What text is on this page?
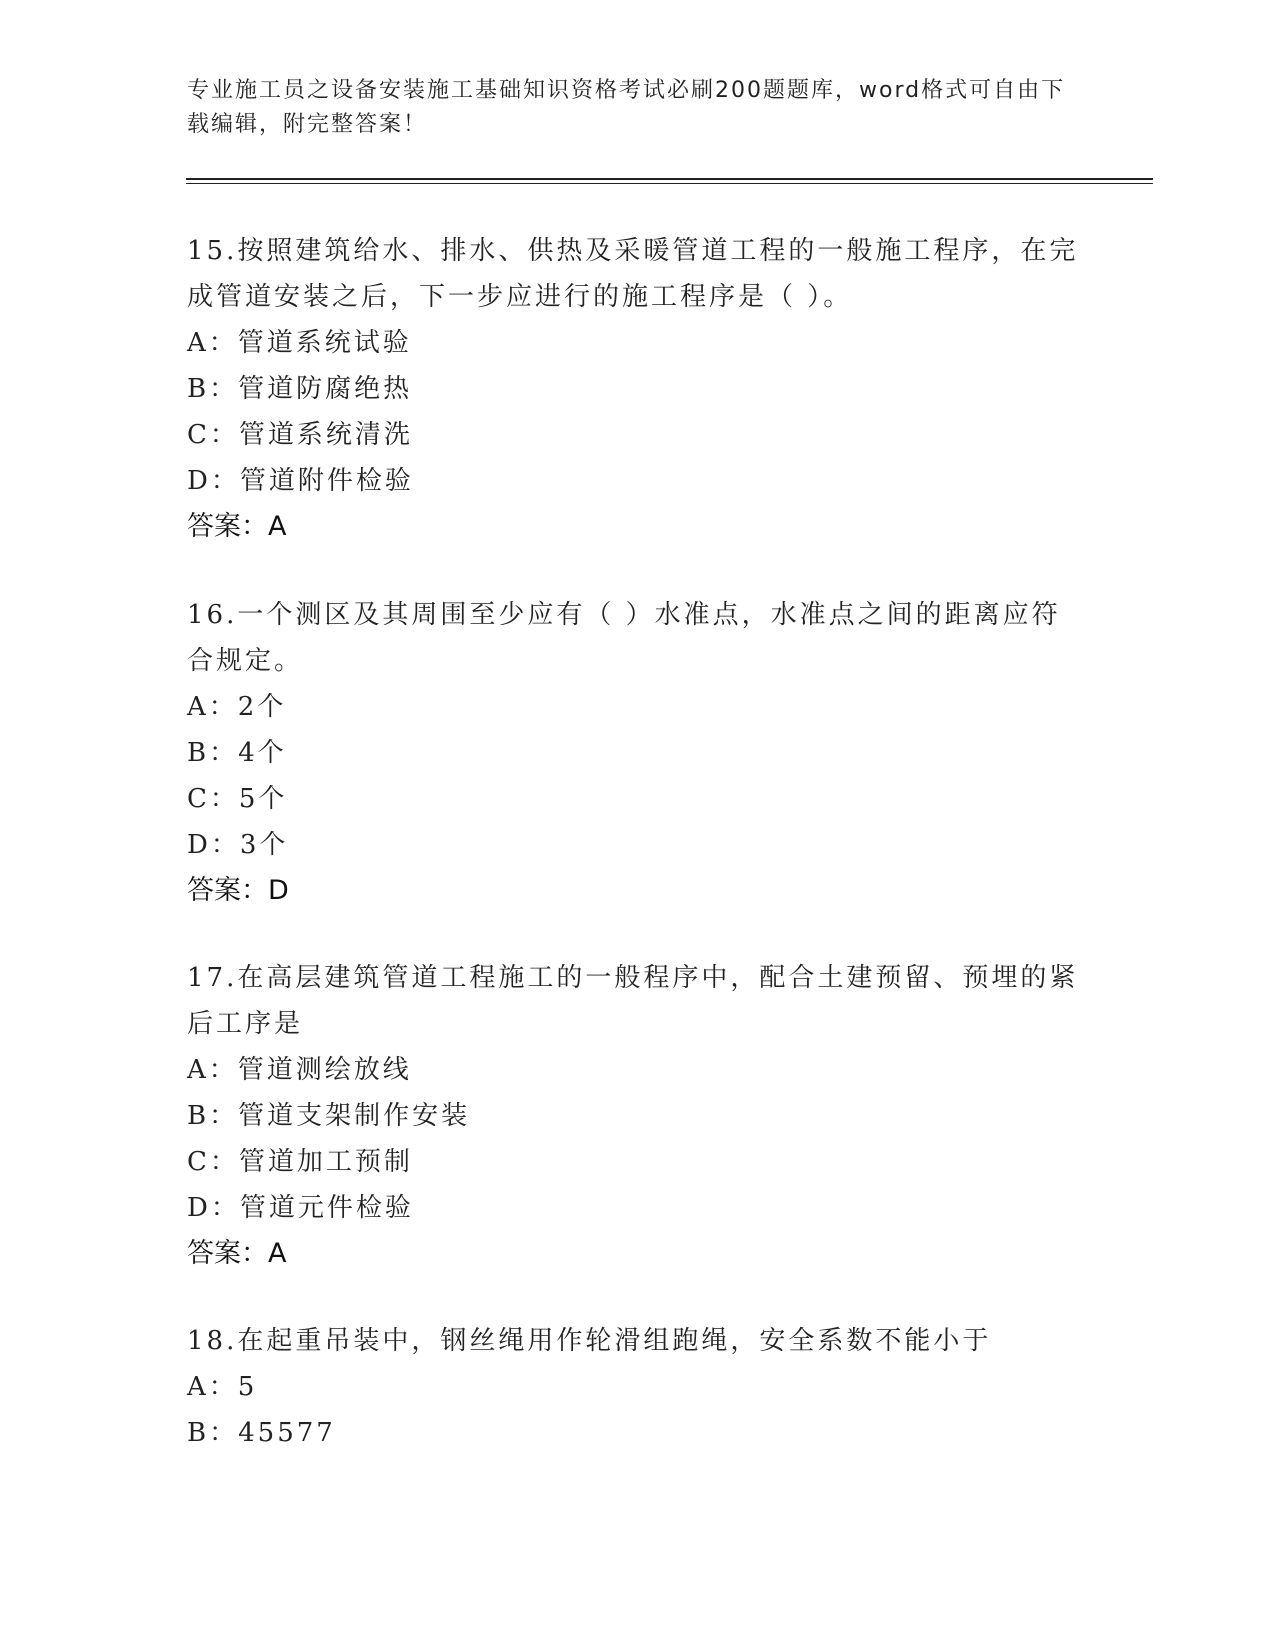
专业施工员之设备安装施工基础知识资格考试必刷200题题库，word格式可自由下载编辑，附完整答案！
15.按照建筑给水、排水、供热及采暖管道工程的一般施工程序，在完成管道安装之后，下一步应进行的施工程序是（ ）。
A：管道系统试验
B：管道防腐绝热
C：管道系统清洗
D：管道附件检验
答案：A
16.一个测区及其周围至少应有（ ）水准点，水准点之间的距离应符合规定。
A：2个
B：4个
C：5个
D：3个
答案：D
17.在高层建筑管道工程施工的一般程序中，配合土建预留、预埋的紧后工序是
A：管道测绘放线
B：管道支架制作安装
C：管道加工预制
D：管道元件检验
答案：A
18.在起重吊装中，钢丝绳用作轮滑组跑绳，安全系数不能小于
A：5
B：45577
